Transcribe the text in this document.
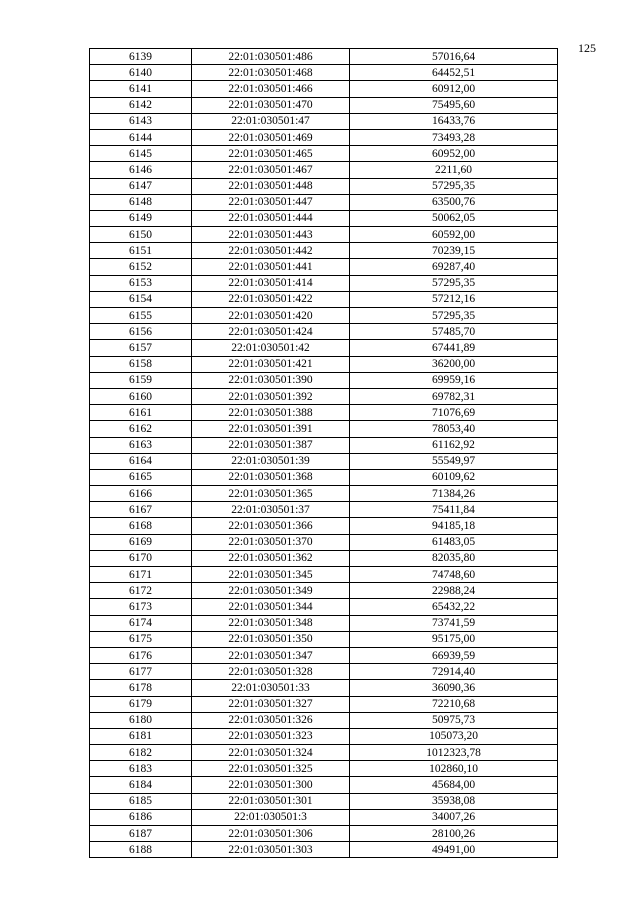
125
6139	22:01:030501:486	57016,64
6140	22:01:030501:468	64452,51
6141	22:01:030501:466	60912,00
6142	22:01:030501:470	75495,60
6143	22:01:030501:47	16433,76
6144	22:01:030501:469	73493,28
6145	22:01:030501:465	60952,00
6146	22:01:030501:467	2211,60
6147	22:01:030501:448	57295,35
6148	22:01:030501:447	63500,76
6149	22:01:030501:444	50062,05
6150	22:01:030501:443	60592,00
6151	22:01:030501:442	70239,15
6152	22:01:030501:441	69287,40
6153	22:01:030501:414	57295,35
6154	22:01:030501:422	57212,16
6155	22:01:030501:420	57295,35
6156	22:01:030501:424	57485,70
6157	22:01:030501:42	67441,89
6158	22:01:030501:421	36200,00
6159	22:01:030501:390	69959,16
6160	22:01:030501:392	69782,31
6161	22:01:030501:388	71076,69
6162	22:01:030501:391	78053,40
6163	22:01:030501:387	61162,92
6164	22:01:030501:39	55549,97
6165	22:01:030501:368	60109,62
6166	22:01:030501:365	71384,26
6167	22:01:030501:37	75411,84
6168	22:01:030501:366	94185,18
6169	22:01:030501:370	61483,05
6170	22:01:030501:362	82035,80
6171	22:01:030501:345	74748,60
6172	22:01:030501:349	22988,24
6173	22:01:030501:344	65432,22
6174	22:01:030501:348	73741,59
6175	22:01:030501:350	95175,00
6176	22:01:030501:347	66939,59
6177	22:01:030501:328	72914,40
6178	22:01:030501:33	36090,36
6179	22:01:030501:327	72210,68
6180	22:01:030501:326	50975,73
6181	22:01:030501:323	105073,20
6182	22:01:030501:324	1012323,78
6183	22:01:030501:325	102860,10
6184	22:01:030501:300	45684,00
6185	22:01:030501:301	35938,08
6186	22:01:030501:3	34007,26
6187	22:01:030501:306	28100,26
6188	22:01:030501:303	49491,00
